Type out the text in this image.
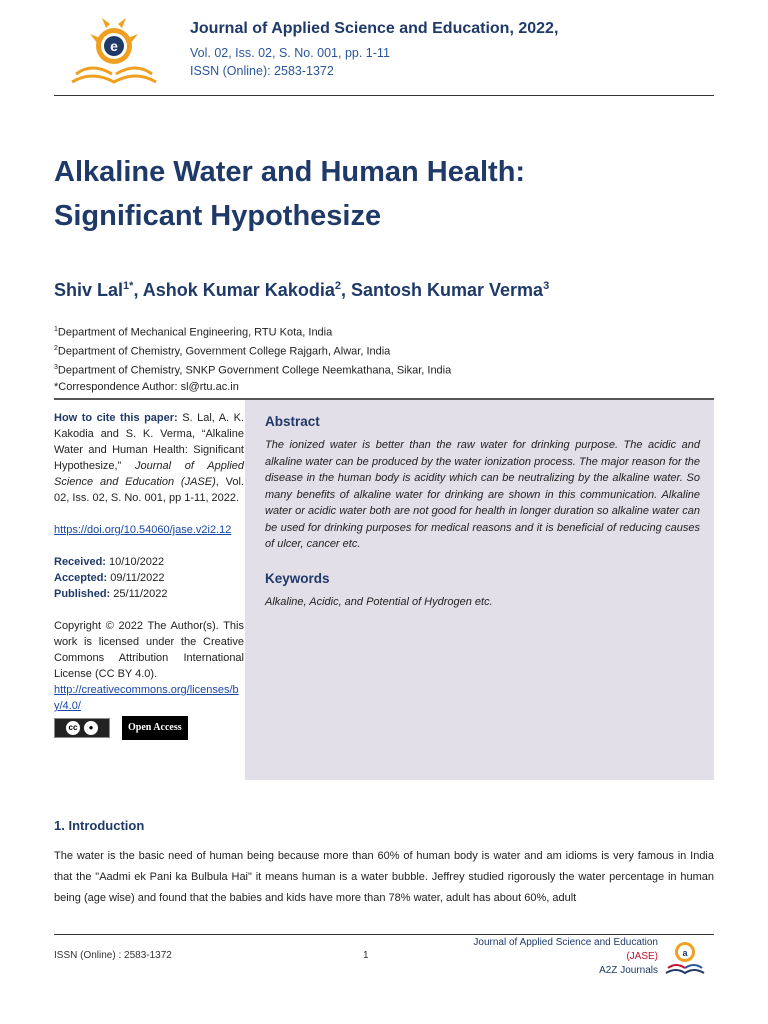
e
Journal of Applied Science and Education, 2022,
Vol. 02, Iss. 02, S. No. 001, pp. 1-11
ISSN (Online): 2583-1372
Alkaline Water and Human Health:
Significant Hypothesize
Shiv Lal$^{1*}$, Ashok Kumar Kakodia$^2$, Santosh Kumar Verma$^3$
$^1$Department of Mechanical Engineering, RTU Kota, India
$^2$Department of Chemistry, Government College Rajgarh, Alwar, India
$^3$Department of Chemistry, SNKP Government College Neemkathana, Sikar, India
*Correspondence Author: sl@rtu.ac.in
How to cite this paper: S. Lal, A. K. Kakodia and S. K. Verma, “Alkaline Water and Human Health: Significant Hypothesize,” Journal of Applied Science and Education (JASE), Vol. 02, Iss. 02, S. No. 001, pp 1-11, 2022.
https://doi.org/10.54060/jase.v2i2.12
Received: 10/10/2022
Accepted: 09/11/2022
Published: 25/11/2022
Copyright © 2022 The Author(s). This work is licensed under the Creative Commons Attribution International License (CC BY 4.0).
http://creativecommons.org/licenses/by/4.0/
cc	●	Open Access
Abstract

The ionized water is better than the raw water for drinking purpose. The acidic and alkaline water can be produced by the water ionization process. The major reason for the disease in the human body is acidity which can be neutralizing by the alkaline water. So many benefits of alkaline water for drinking are shown in this communication. Alkaline water or acidic water both are not good for health in longer duration so alkaline water can be used for drinking purposes for medical reasons and it is beneficial of reducing causes of ulcer, cancer etc.

Keywords

Alkaline, Acidic, and Potential of Hydrogen etc.

1. Introduction

The water is the basic need of human being because more than 60% of human body is water and am idioms is very famous in India that the "Aadmi ek Pani ka Bulbula Hai" it means human is a water bubble. Jeffrey studied rigorously the water percentage in human being (age wise) and found that the babies and kids have more than 78% water, adult has about 60%, adult

ISSN (Online) : 2583-1372	1
Journal of Applied Science and Education
(JASE)
A2Z Journals
a
